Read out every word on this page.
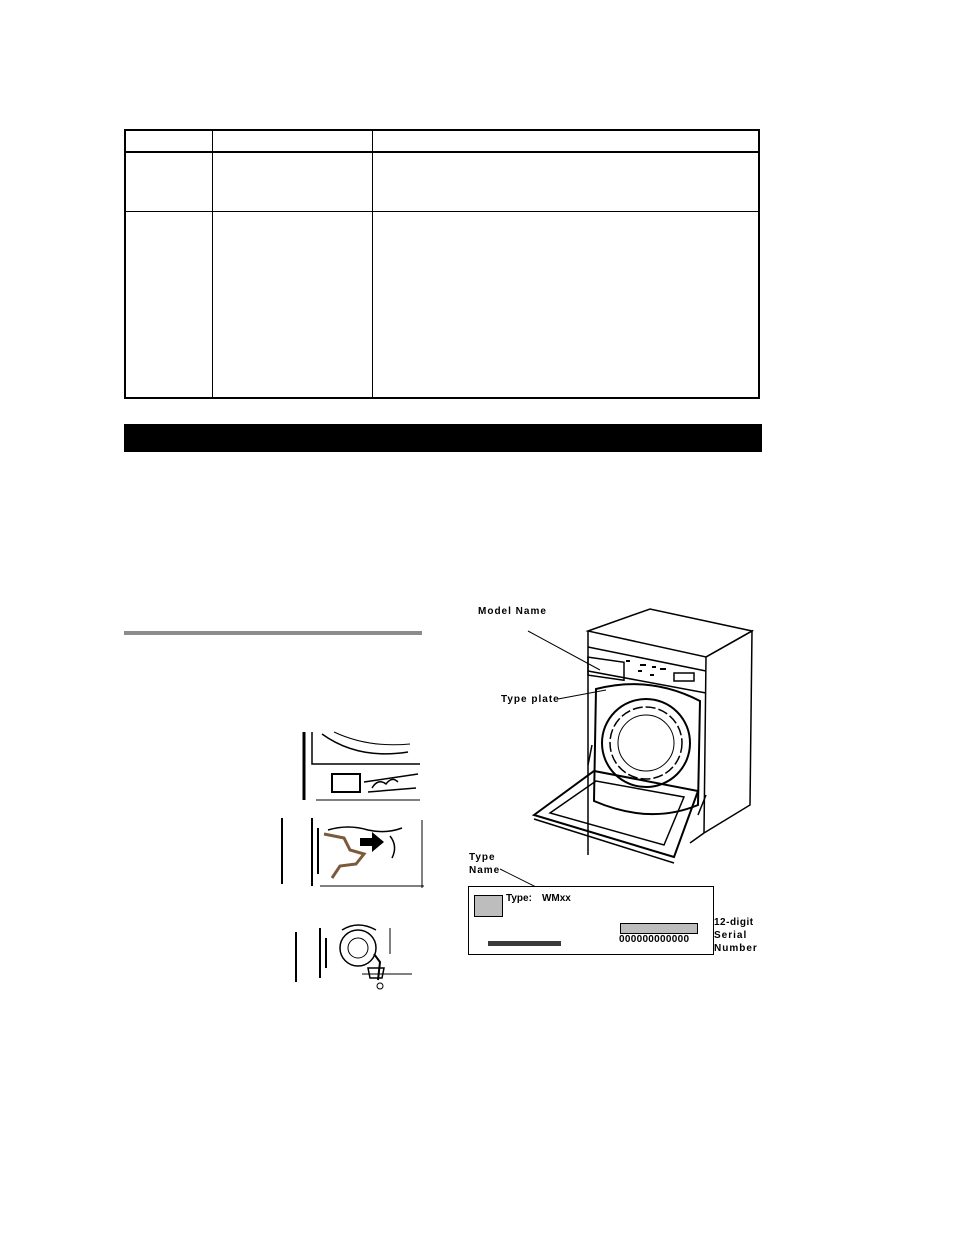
Model Name
Type plate
Type
Name
12-digit
Serial
Number
Type: WMxx
000000000000
